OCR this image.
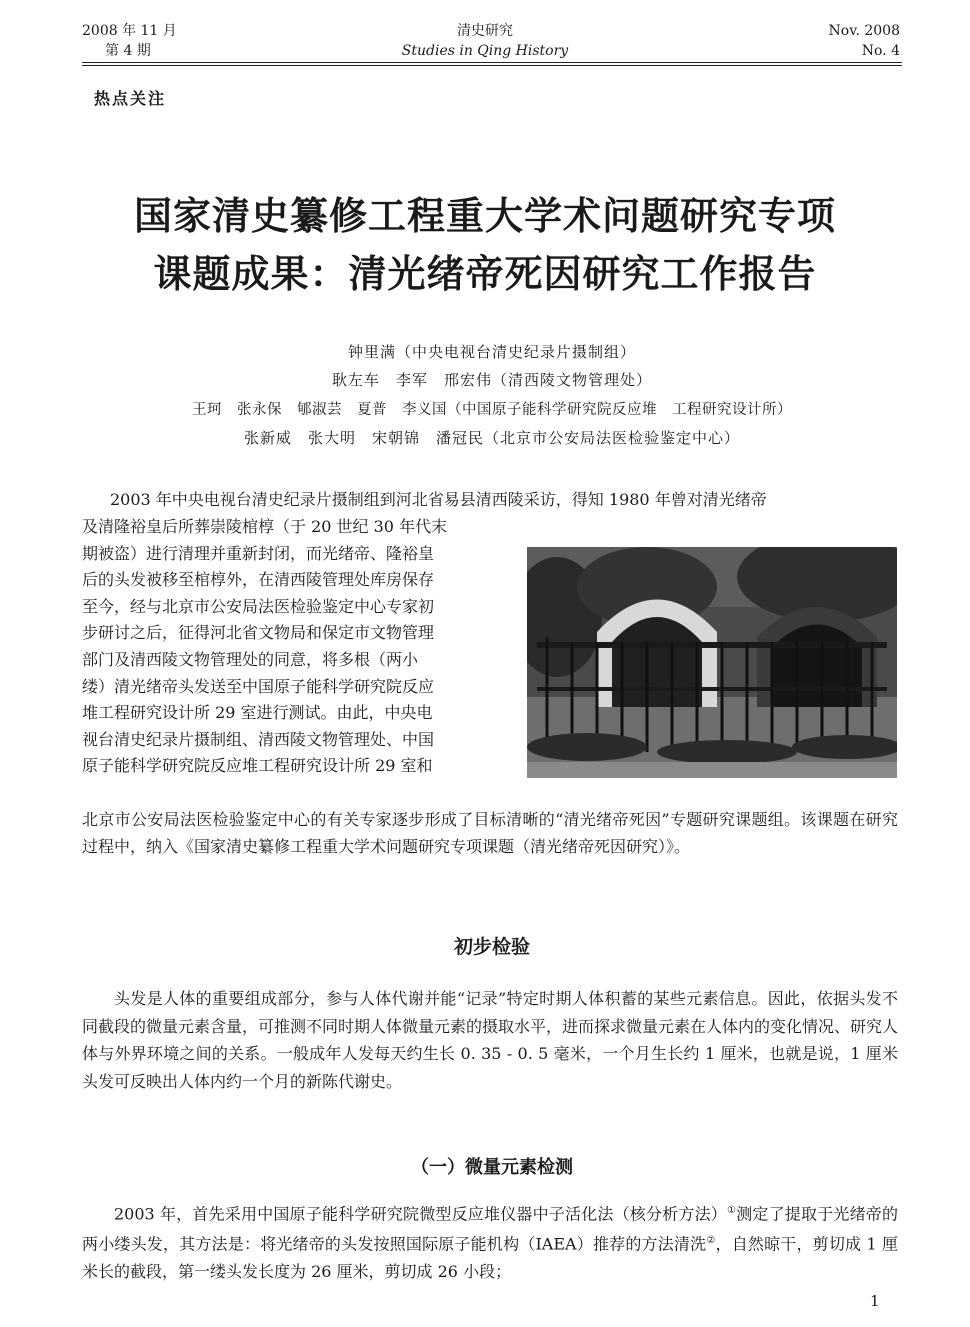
2008 年 11 月
第 4 期
清史研究
Studies in Qing History
Nov. 2008
No. 4
热点关注
国家清史纂修工程重大学术问题研究专项
课题成果：清光绪帝死因研究工作报告
钟里满（中央电视台清史纪录片摄制组）
耿左车　李军　邢宏伟（清西陵文物管理处）
王珂　张永保　郇淑芸　夏普　李义国（中国原子能科学研究院反应堆　工程研究设计所）
张新威　张大明　宋朝锦　潘冠民（北京市公安局法医检验鉴定中心）
2003 年中央电视台清史纪录片摄制组到河北省易县清西陵采访，得知 1980 年曾对清光绪帝
及清隆裕皇后所葬崇陵棺椁（于 20 世纪 30 年代末
期被盗）进行清理并重新封闭，而光绪帝、隆裕皇
后的头发被移至棺椁外，在清西陵管理处库房保存
至今，经与北京市公安局法医检验鉴定中心专家初
步研讨之后，征得河北省文物局和保定市文物管理
部门及清西陵文物管理处的同意，将多根（两小
缕）清光绪帝头发送至中国原子能科学研究院反应
堆工程研究设计所 29 室进行测试。由此，中央电
视台清史纪录片摄制组、清西陵文物管理处、中国
原子能科学研究院反应堆工程研究设计所 29 室和
北京市公安局法医检验鉴定中心的有关专家逐步形成了目标清晰的“清光绪帝死因”专题研究课题组。该课题在研究过程中，纳入《国家清史纂修工程重大学术问题研究专项课题（清光绪帝死因研究）》。
初步检验
头发是人体的重要组成部分，参与人体代谢并能“记录”特定时期人体积蓄的某些元素信息。因此，依据头发不同截段的微量元素含量，可推测不同时期人体微量元素的摄取水平，进而探求微量元素在人体内的变化情况、研究人体与外界环境之间的关系。一般成年人发每天约生长 0. 35 - 0. 5 毫米，一个月生长约 1 厘米，也就是说，1 厘米头发可反映出人体内约一个月的新陈代谢史。
（一）微量元素检测
2003 年，首先采用中国原子能科学研究院微型反应堆仪器中子活化法（核分析方法）①测定了提取于光绪帝的两小缕头发，其方法是：将光绪帝的头发按照国际原子能机构（IAEA）推荐的方法清洗②，自然晾干，剪切成 1 厘米长的截段，第一缕头发长度为 26 厘米，剪切成 26 小段；
1
